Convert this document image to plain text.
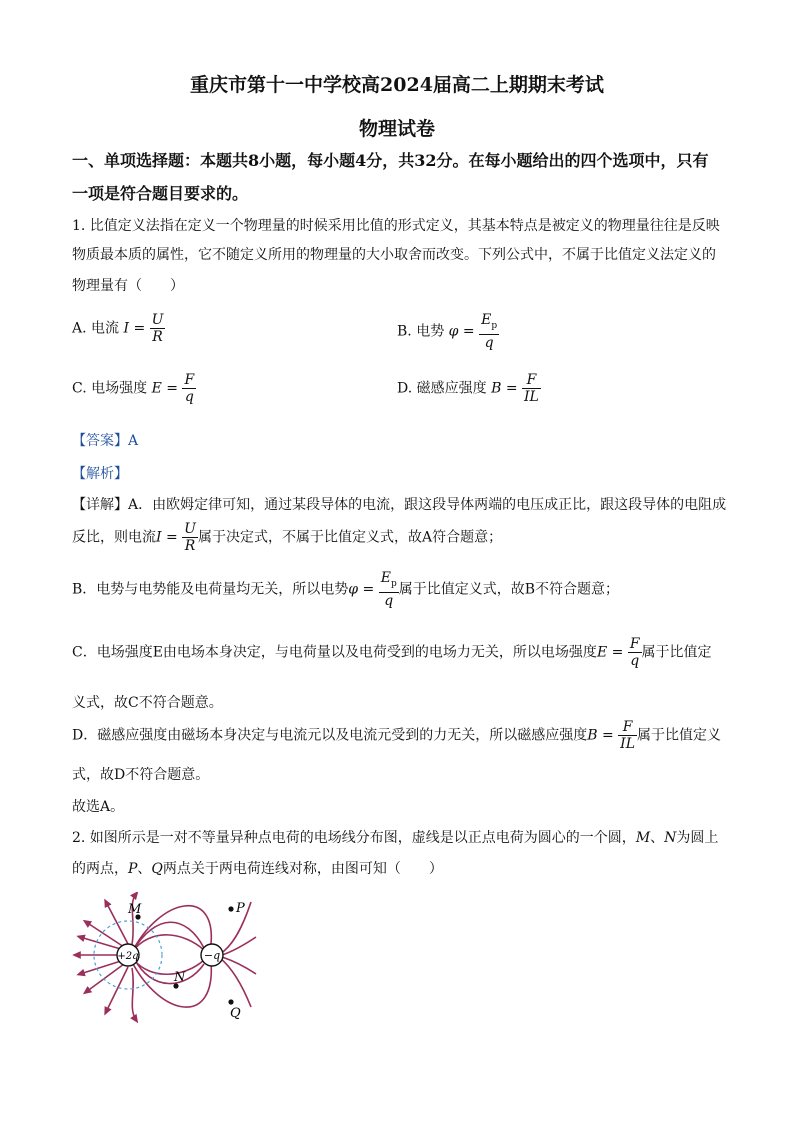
重庆市第十一中学校高2024届高二上期期末考试
物理试卷
一、单项选择题：本题共8小题，每小题4分，共32分。在每小题给出的四个选项中，只有
一项是符合题目要求的。
1. 比值定义法指在定义一个物理量的时候采用比值的形式定义，其基本特点是被定义的物理量往往是反映
物质最本质的属性，它不随定义所用的物理量的大小取舍而改变。下列公式中，不属于比值定义法定义的
物理量有（　　）
A. 电流 $I = \frac{U}{R}$	B. 电势 $\varphi = \frac{E_p}{q}$
C. 电场强度 $E = \frac{F}{q}$	D. 磁感应强度 $B = \frac{F}{IL}$
【答案】A
【解析】
【详解】A．由欧姆定律可知，通过某段导体的电流，跟这段导体两端的电压成正比，跟这段导体的电阻成
反比，则电流$I = \frac{U}{R}$ 属于决定式，不属于比值定义式，故A符合题意；
B．电势与电势能及电荷量均无关，所以电势$\varphi = \frac{E_p}{q}$ 属于比值定义式，故B不符合题意；
C．电场强度E由电场本身决定，与电荷量以及电荷受到的电场力无关，所以电场强度$E = \frac{F}{q}$ 属于比值定
义式，故C不符合题意。
D．磁感应强度由磁场本身决定与电流元以及电流元受到的力无关，所以磁感应强度$B = \frac{F}{IL}$ 属于比值定义
式，故D不符合题意。
故选A。
2. 如图所示是一对不等量异种点电荷的电场线分布图，虚线是以正点电荷为圆心的一个圆，M、N为圆上
的两点，P、Q两点关于两电荷连线对称，由图可知（　　）
+2q	−q
M
N
P
Q
